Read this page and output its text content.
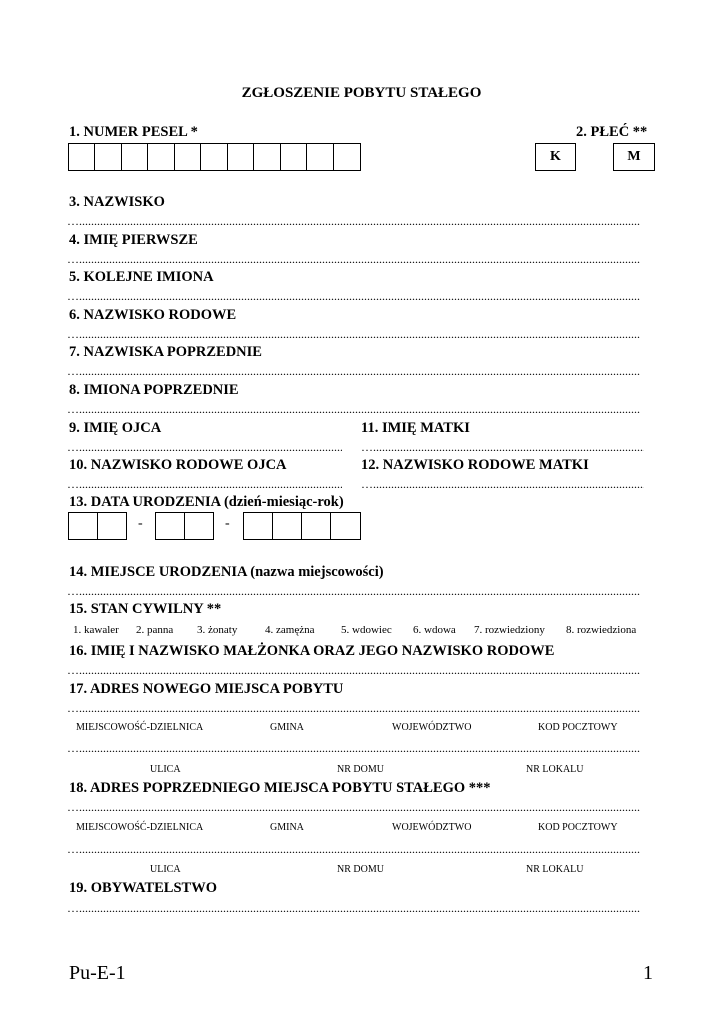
ZGŁOSZENIE POBYTU STAŁEGO
1. NUMER PESEL *	2. PŁEĆ **
K	M
3. NAZWISKO
… .....
4. IMIĘ PIERWSZE
… .....
5. KOLEJNE IMIONA
… .....
6. NAZWISKO RODOWE
… .....
7. NAZWISKA POPRZEDNIE
… .....
8. IMIONA POPRZEDNIE
… .....
9. IMIĘ OJCA	11. IMIĘ MATKI
… .....
… .....
10. NAZWISKO RODOWE OJCA	12. NAZWISKO RODOWE MATKI
… .....
… .....
13. DATA URODZENIA (dzień-miesiąc-rok)
-	-
14. MIEJSCE URODZENIA (nazwa miejscowości)
… .....
15. STAN CYWILNY **
1. kawaler 2. panna 3. żonaty	4. zamężna 5. wdowiec 6. wdowa 7. rozwiedziony 8. rozwiedziona
16. IMIĘ I NAZWISKO MAŁŻONKA ORAZ JEGO NAZWISKO RODOWE
… .....
17. ADRES NOWEGO MIEJSCA POBYTU
… .....
MIEJSCOWOŚĆ-DZIELNICA	GMINA	WOJEWÓDZTWO	KOD POCZTOWY
… .....
ULICA	NR DOMU	NR LOKALU
18. ADRES POPRZEDNIEGO MIEJSCA POBYTU STAŁEGO ***
… .....
MIEJSCOWOŚĆ-DZIELNICA	GMINA	WOJEWÓDZTWO	KOD POCZTOWY
… .....
ULICA	NR DOMU	NR LOKALU
19. OBYWATELSTWO
… .....
Pu-E-1	1
